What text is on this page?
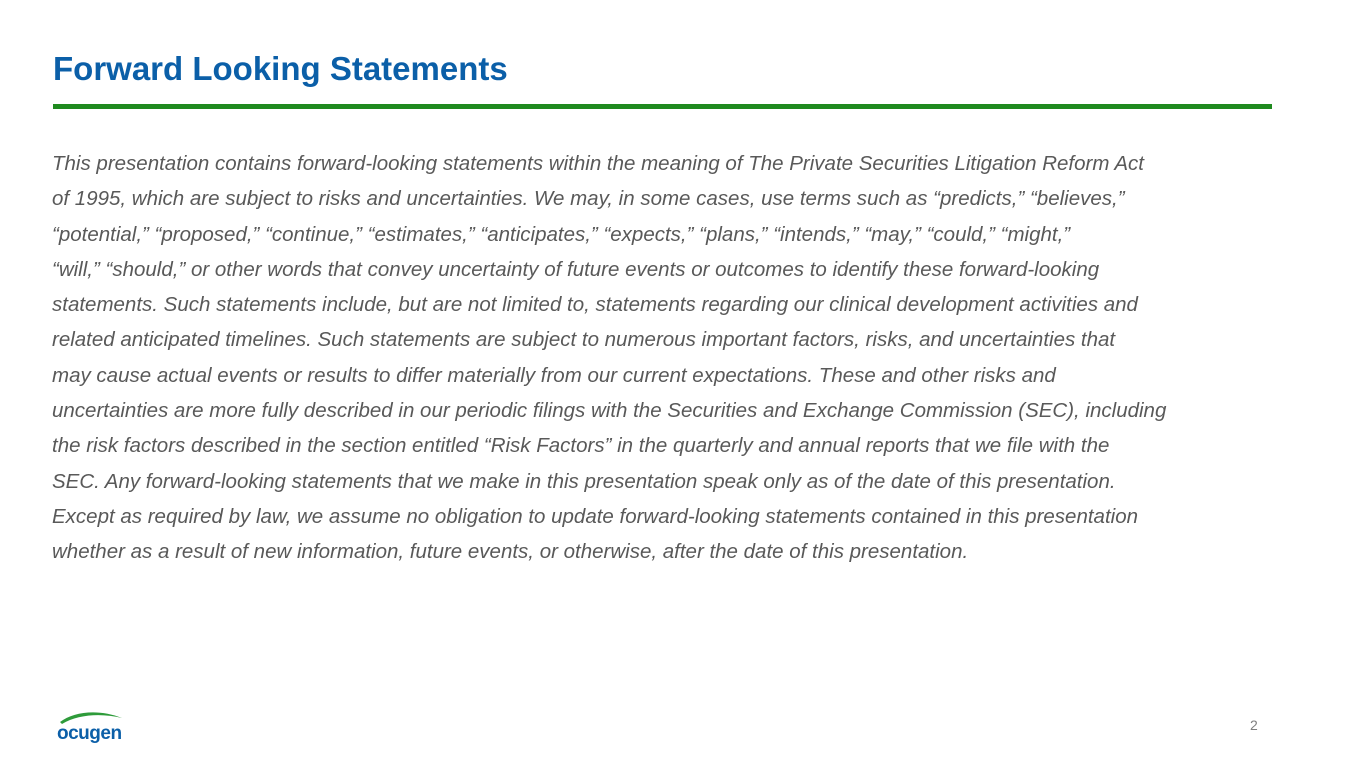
Forward Looking Statements
This presentation contains forward-looking statements within the meaning of The Private Securities Litigation Reform Act
of 1995, which are subject to risks and uncertainties. We may, in some cases, use terms such as “predicts,” “believes,”
“potential,” “proposed,” “continue,” “estimates,” “anticipates,” “expects,” “plans,” “intends,” “may,” “could,” “might,”
“will,” “should,” or other words that convey uncertainty of future events or outcomes to identify these forward-looking
statements. Such statements include, but are not limited to, statements regarding our clinical development activities and
related anticipated timelines. Such statements are subject to numerous important factors, risks, and uncertainties that
may cause actual events or results to differ materially from our current expectations. These and other risks and
uncertainties are more fully described in our periodic filings with the Securities and Exchange Commission (SEC), including
the risk factors described in the section entitled “Risk Factors” in the quarterly and annual reports that we file with the
SEC. Any forward-looking statements that we make in this presentation speak only as of the date of this presentation.
Except as required by law, we assume no obligation to update forward-looking statements contained in this presentation
whether as a result of new information, future events, or otherwise, after the date of this presentation.
ocugen	2
